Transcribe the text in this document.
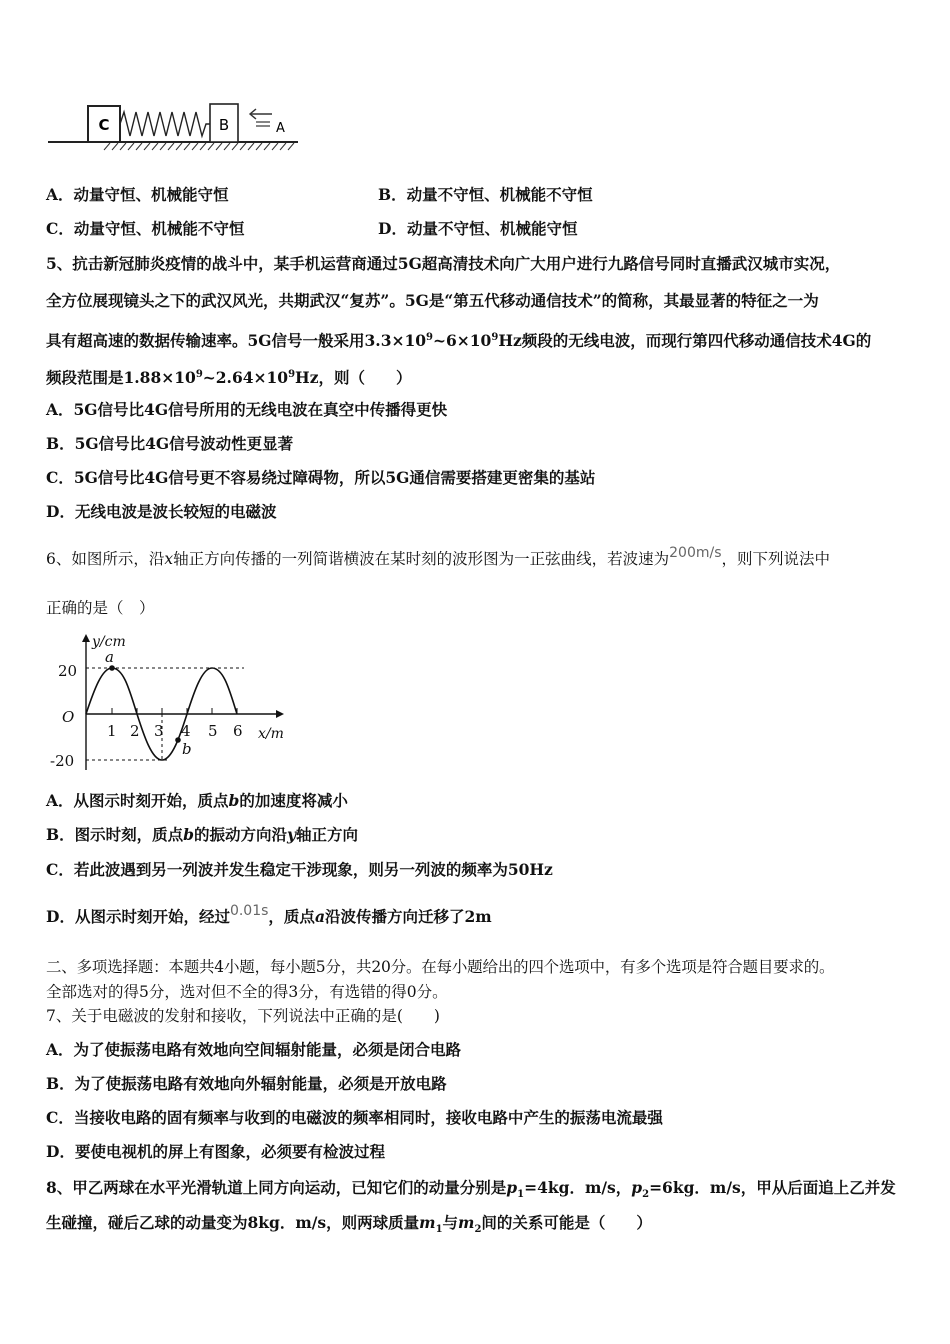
C	B	A
A．动量守恒、机械能守恒	B．动量不守恒、机械能不守恒
C．动量守恒、机械能不守恒	D．动量不守恒、机械能守恒
5、抗击新冠肺炎疫情的战斗中，某手机运营商通过5G超高清技术向广大用户进行九路信号同时直播武汉城市实况，
全方位展现镜头之下的武汉风光，共期武汉“复苏”。5G是“第五代移动通信技术”的简称，其最显著的特征之一为
具有超高速的数据传输速率。5G信号一般采用$3.3\times 10^9\sim 6\times 10^9Hz$频段的无线电波，而现行第四代移动通信技术4G的
频段范围是$1.88\times 10^9\sim 2.64\times 10^9Hz$，则（　　）
A．5G信号比4G信号所用的无线电波在真空中传播得更快
B．5G信号比4G信号波动性更显著
C．5G信号比4G信号更不容易绕过障碍物，所以5G通信需要搭建更密集的基站
D．无线电波是波长较短的电磁波
6、如图所示，沿x轴正方向传播的一列简谐横波在某时刻的波形图为一正弦曲线，若波速为200m/s，则下列说法中
正确的是（　）
y/cm
x/m
O
20
-20
1 2 3 4 5 6
a
b
A．从图示时刻开始，质点b的加速度将减小
B．图示时刻，质点b的振动方向沿y轴正方向
C．若此波遇到另一列波并发生稳定干涉现象，则另一列波的频率为50Hz
D．从图示时刻开始，经过0.01s，质点a沿波传播方向迁移了2m
二、多项选择题：本题共4小题，每小题5分，共20分。在每小题给出的四个选项中，有多个选项是符合题目要求的。
全部选对的得5分，选对但不全的得3分，有选错的得0分。
7、关于电磁波的发射和接收，下列说法中正确的是(　　)
A．为了使振荡电路有效地向空间辐射能量，必须是闭合电路
B．为了使振荡电路有效地向外辐射能量，必须是开放电路
C．当接收电路的固有频率与收到的电磁波的频率相同时，接收电路中产生的振荡电流最强
D．要使电视机的屏上有图象，必须要有检波过程
8、甲乙两球在水平光滑轨道上同方向运动，已知它们的动量分别是$p_1=4kg$．m/s，$p_2=6kg$．m/s，甲从后面追上乙并发
生碰撞，碰后乙球的动量变为8kg．m/s，则两球质量$m_1$与$m_2$间的关系可能是（　　）
